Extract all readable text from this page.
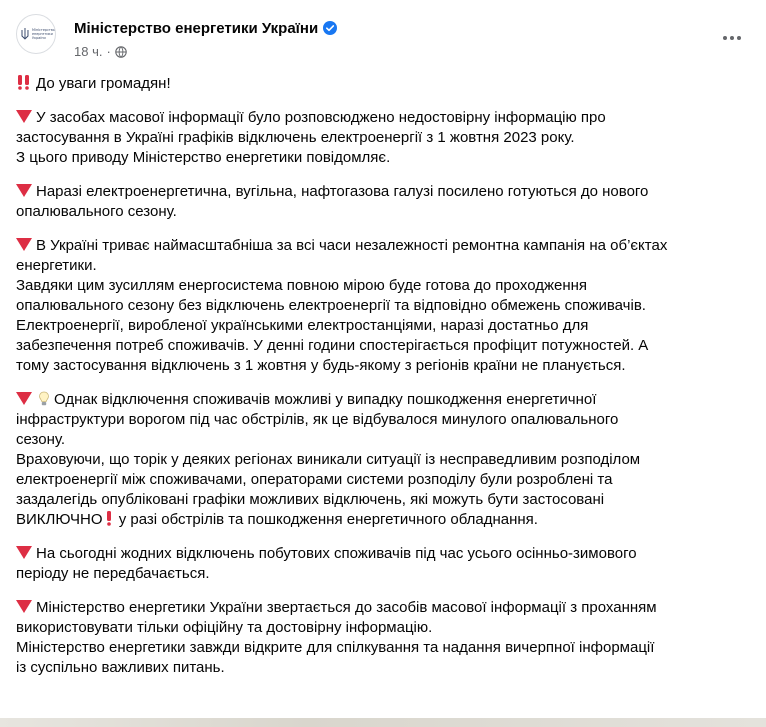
Міністерство
енергетики
України
Міністерство енергетики України
18 ч. ·
До уваги громадян!
У засобах масової інформації було розповсюджено недостовірну інформацію про
застосування в Україні графіків відключень електроенергії з 1 жовтня 2023 року.
З цього приводу Міністерство енергетики повідомляє.
Наразі електроенергетична, вугільна, нафтогазова галузі посилено готуються до нового
опалювального сезону.
В Україні триває наймасштабніша за всі часи незалежності ремонтна кампанія на об’єктах
енергетики.
Завдяки цим зусиллям енергосистема повною мірою буде готова до проходження
опалювального сезону без відключень електроенергії та відповідно обмежень споживачів.
Електроенергії, виробленої українськими електростанціями, наразі достатньо для
забезпечення потреб споживачів. У денні години спостерігається профіцит потужностей. А
тому застосування відключень з 1 жовтня у будь-якому з регіонів країни не планується.
Однак відключення споживачів можливі у випадку пошкодження енергетичної
інфраструктури ворогом під час обстрілів, як це відбувалося минулого опалювального
сезону.
Враховуючи, що торік у деяких регіонах виникали ситуації із несправедливим розподілом
електроенергії між споживачами, операторами системи розподілу були розроблені та
заздалегідь опубліковані графіки можливих відключень, які можуть бути застосовані
ВИКЛЮЧНО у разі обстрілів та пошкодження енергетичного обладнання.
На сьогодні жодних відключень побутових споживачів під час усього осінньо-зимового
періоду не передбачається.
Міністерство енергетики України звертається до засобів масової інформації з проханням
використовувати тільки офіційну та достовірну інформацію.
Міністерство енергетики завжди відкрите для спілкування та надання вичерпної інформації
із суспільно важливих питань.
